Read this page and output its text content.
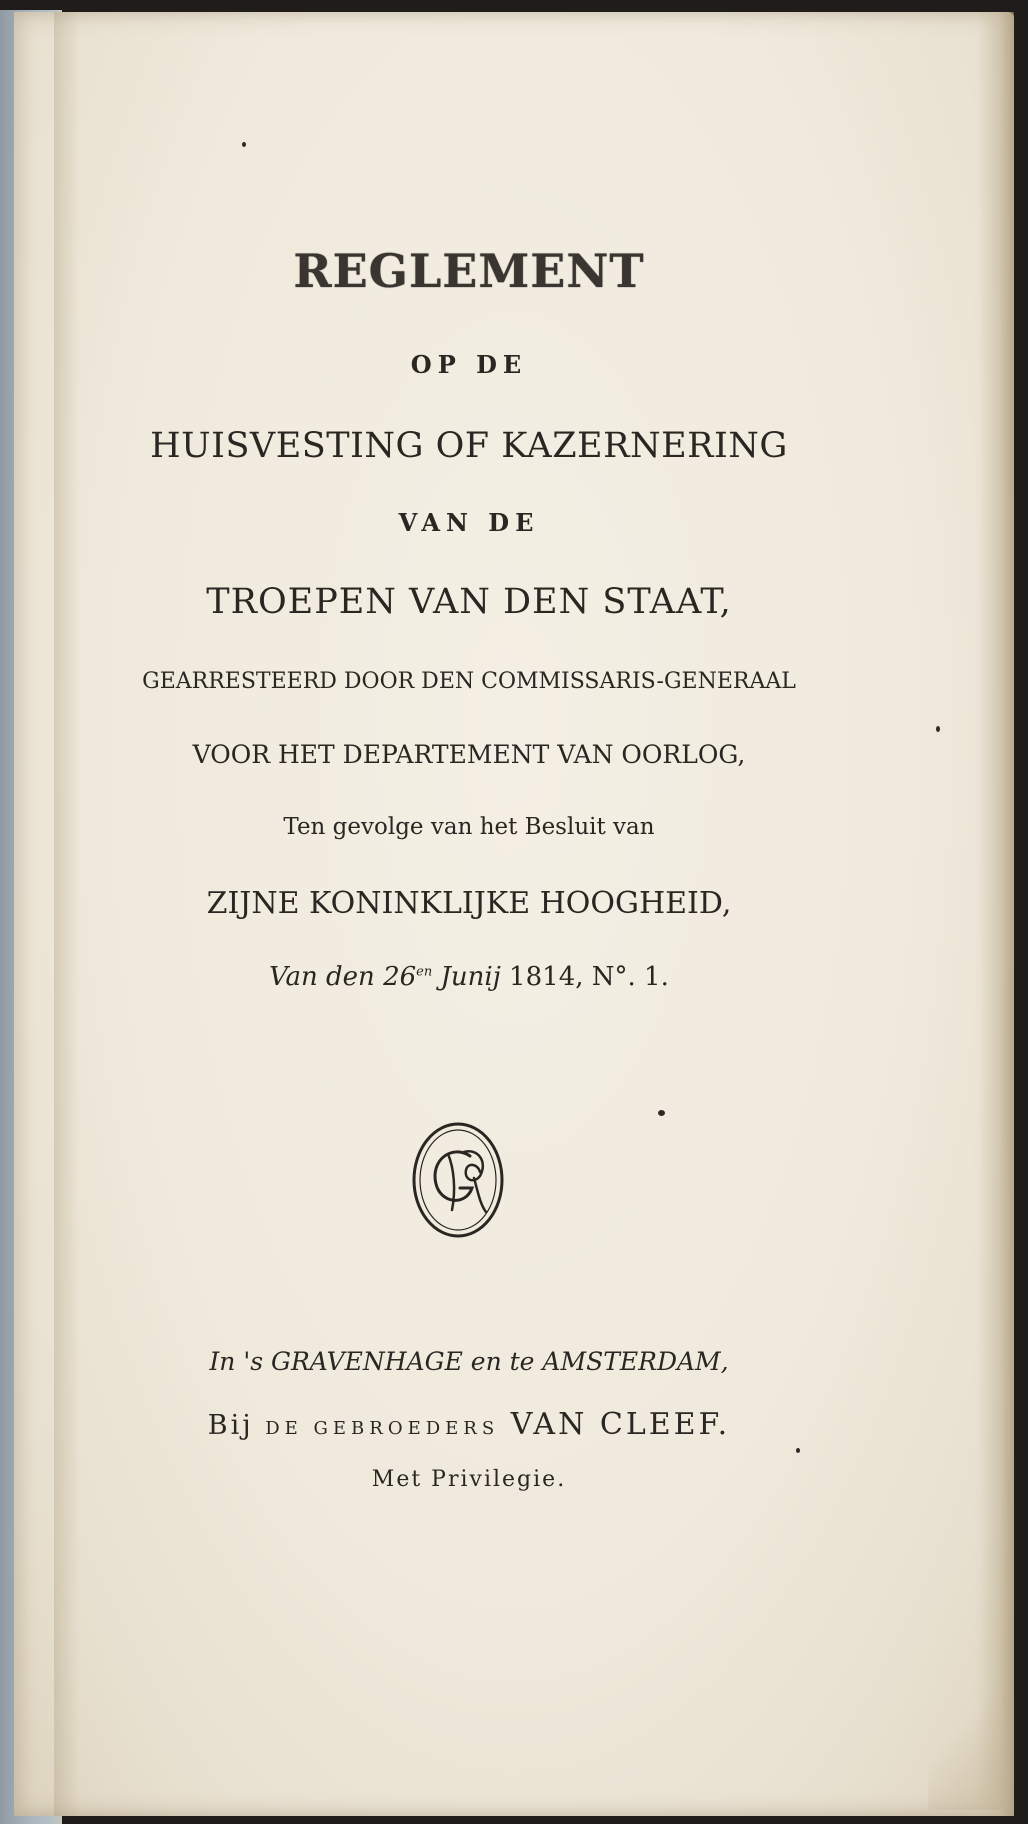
REGLEMENT
OP DE
HUISVESTING OF KAZERNERING
VAN DE
TROEPEN VAN DEN STAAT,
GEARRESTEERD DOOR DEN COMMISSARIS-GENERAAL
VOOR HET DEPARTEMENT VAN OORLOG,
Ten gevolge van het Besluit van
ZIJNE KONINKLIJKE HOOGHEID,
Van den $26^{en}$ Junij 1814, N°. 1.
In 's GRAVENHAGE en te AMSTERDAM,
Bij DE GEBROEDERS VAN CLEEF.
Met Privilegie.
